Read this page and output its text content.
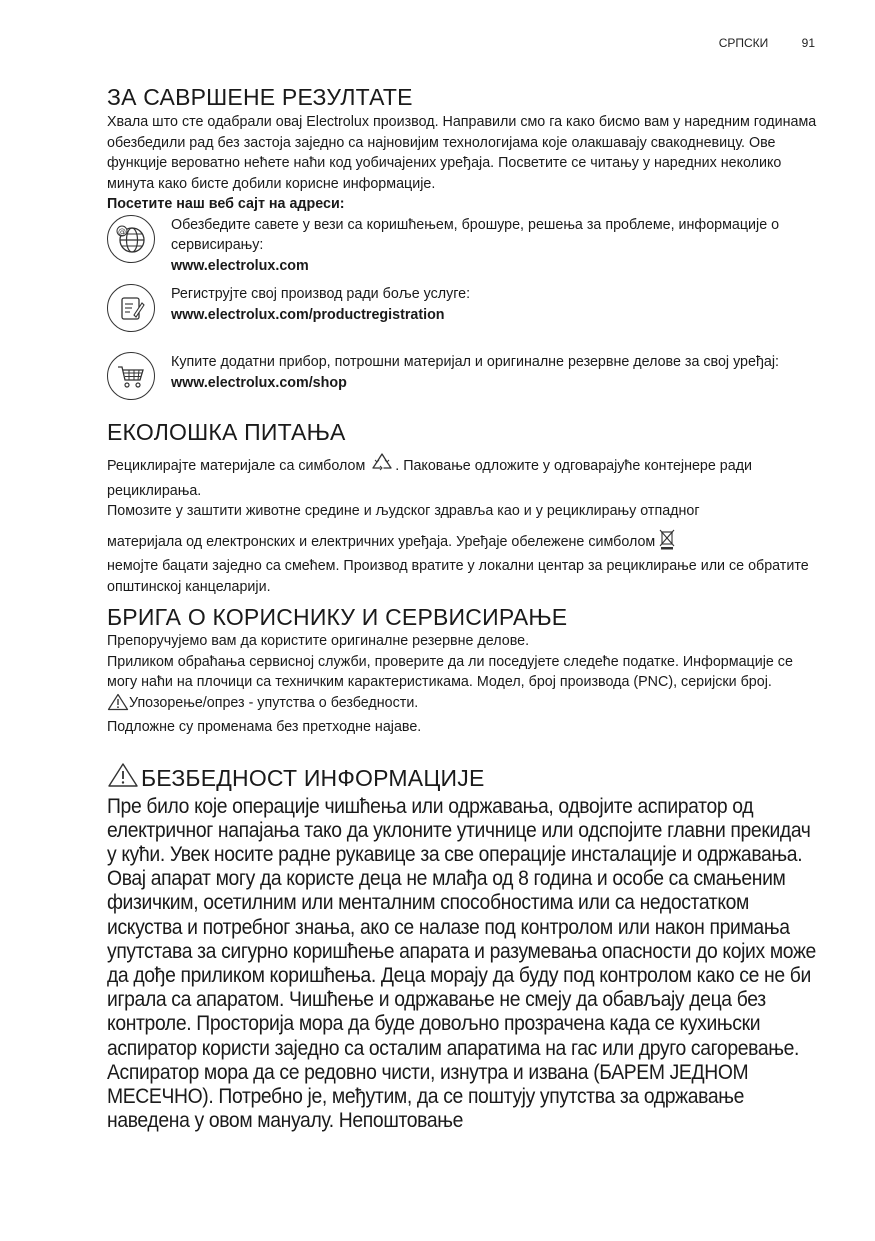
СРПСКИ	91
ЗА САВРШЕНЕ РЕЗУЛТАТЕ

Хвала што сте одабрали овај Electrolux производ. Направили смо га како бисмо вам у наредним годинама обезбедили рад без застоја заједно са најновијим технологијама које олакшавају свакодневицу. Ове функције вероватно нећете наћи код уобичајених уређаја. Посветите се читању у наредних неколико минута како бисте добили корисне информације.

Посетите наш веб сајт на адреси:

@	Обезбедите савете у вези са коришћењем, брошуре, решења за проблеме, информације о сервисирању:

www.electrolux.com

Региструјте свој производ ради боље услуге:

www.electrolux.com/productregistration

Купите додатни прибор, потрошни материјал и оригиналне резервне делове за свој уређај:

www.electrolux.com/shop

ЕКОЛОШКА ПИТАЊА

Рециклирајте материјале са симболом . Паковање одложите у одговарајуће контејнере ради рециклирања.

Помозите у заштити животне средине и људског здравља као и у рециклирању отпадног

материјала од електронских и електричних уређаја. Уређаје обележене симболом
немојте бацати заједно са смећем. Производ вратите у локални центар за рециклирање или се обратите општинској канцеларији.

БРИГА О КОРИСНИКУ И СЕРВИСИРАЊЕ

Препоручујемо вам да користите оригиналне резервне делове.

Приликом обраћања сервисној служби, проверите да ли поседујете следеће податке. Информације се могу наћи на плочици са техничким карактеристикама. Модел, број производа (PNC), серијски број.

Упозорење/опрез - упутства о безбедности.

Подложне су променама без претходне најаве.

БЕЗБЕДНОСТ ИНФОРМАЦИЈЕ

Пре било које операције чишћења или одржавања, одвојите аспиратор од електричног напајања тако да уклоните утичнице или одспојите главни прекидач у кући. Увек носите радне рукавице за све операције инсталације и одржавања. Овај апарат могу да користе деца не млађа од 8 година и особе са смањеним физичким, осетилним или менталним способностима или са недостатком искуства и потребног знања, ако се налазе под контролом или након примања упутстава за сигурно коришћење апарата и разумевања опасности до којих може да дође приликом коришћења. Деца морају да буду под контролом како се не би играла са апаратом. Чишћење и одржавање не смеју да обављају деца без контроле. Просторија мора да буде довољно прозрачена када се кухињски аспиратор користи заједно са осталим апаратима на гас или друго сагоревање. Аспиратор мора да се редовно чисти, изнутра и извана (БАРЕМ ЈЕДНОМ МЕСЕЧНО). Потребно је, међутим, да се поштују упутства за одржавање наведена у овом мануалу. Непоштовање
